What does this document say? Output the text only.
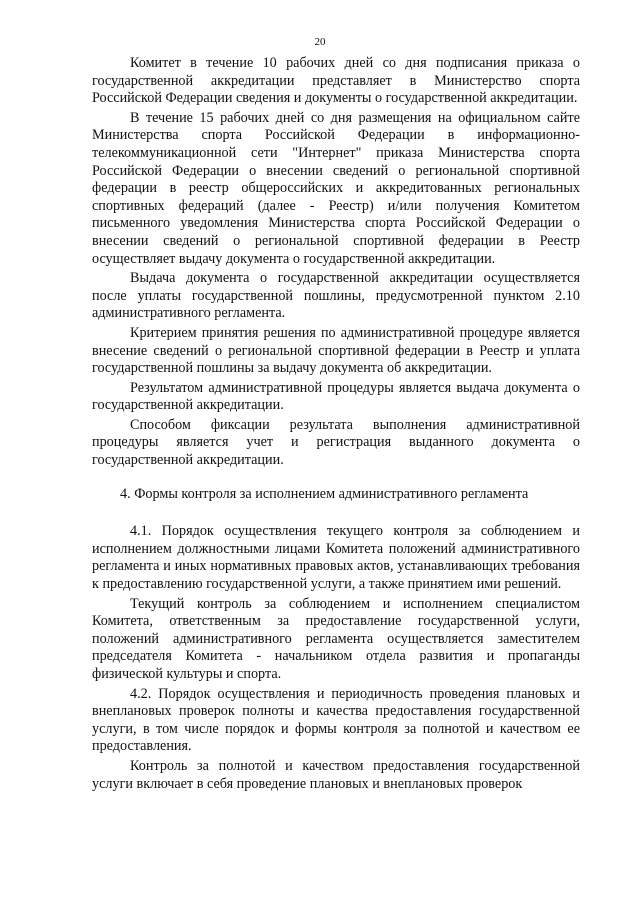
20

Комитет в течение 10 рабочих дней со дня подписания приказа о государственной аккредитации представляет в Министерство спорта Российской Федерации сведения и документы о государственной аккредитации.

В течение 15 рабочих дней со дня размещения на официальном сайте Министерства спорта Российской Федерации в информационно-телекоммуникационной сети "Интернет" приказа Министерства спорта Российской Федерации о внесении сведений о региональной спортивной федерации в реестр общероссийских и аккредитованных региональных спортивных федераций (далее - Реестр) и/или получения Комитетом письменного уведомления Министерства спорта Российской Федерации о внесении сведений о региональной спортивной федерации в Реестр осуществляет выдачу документа о государственной аккредитации.

Выдача документа о государственной аккредитации осуществляется после уплаты государственной пошлины, предусмотренной пунктом 2.10 административного регламента.

Критерием принятия решения по административной процедуре является внесение сведений о региональной спортивной федерации в Реестр и уплата государственной пошлины за выдачу документа об аккредитации.

Результатом административной процедуры является выдача документа о государственной аккредитации.

Способом фиксации результата выполнения административной процедуры является учет и регистрация выданного документа о государственной аккредитации.

4. Формы контроля за исполнением административного регламента

4.1. Порядок осуществления текущего контроля за соблюдением и исполнением должностными лицами Комитета положений административного регламента и иных нормативных правовых актов, устанавливающих требования к предоставлению государственной услуги, а также принятием ими решений.

Текущий контроль за соблюдением и исполнением специалистом Комитета, ответственным за предоставление государственной услуги, положений административного регламента осуществляется заместителем председателя Комитета - начальником отдела развития и пропаганды физической культуры и спорта.

4.2. Порядок осуществления и периодичность проведения плановых и внеплановых проверок полноты и качества предоставления государственной услуги, в том числе порядок и формы контроля за полнотой и качеством ее предоставления.

Контроль за полнотой и качеством предоставления государственной услуги включает в себя проведение плановых и внеплановых проверок
